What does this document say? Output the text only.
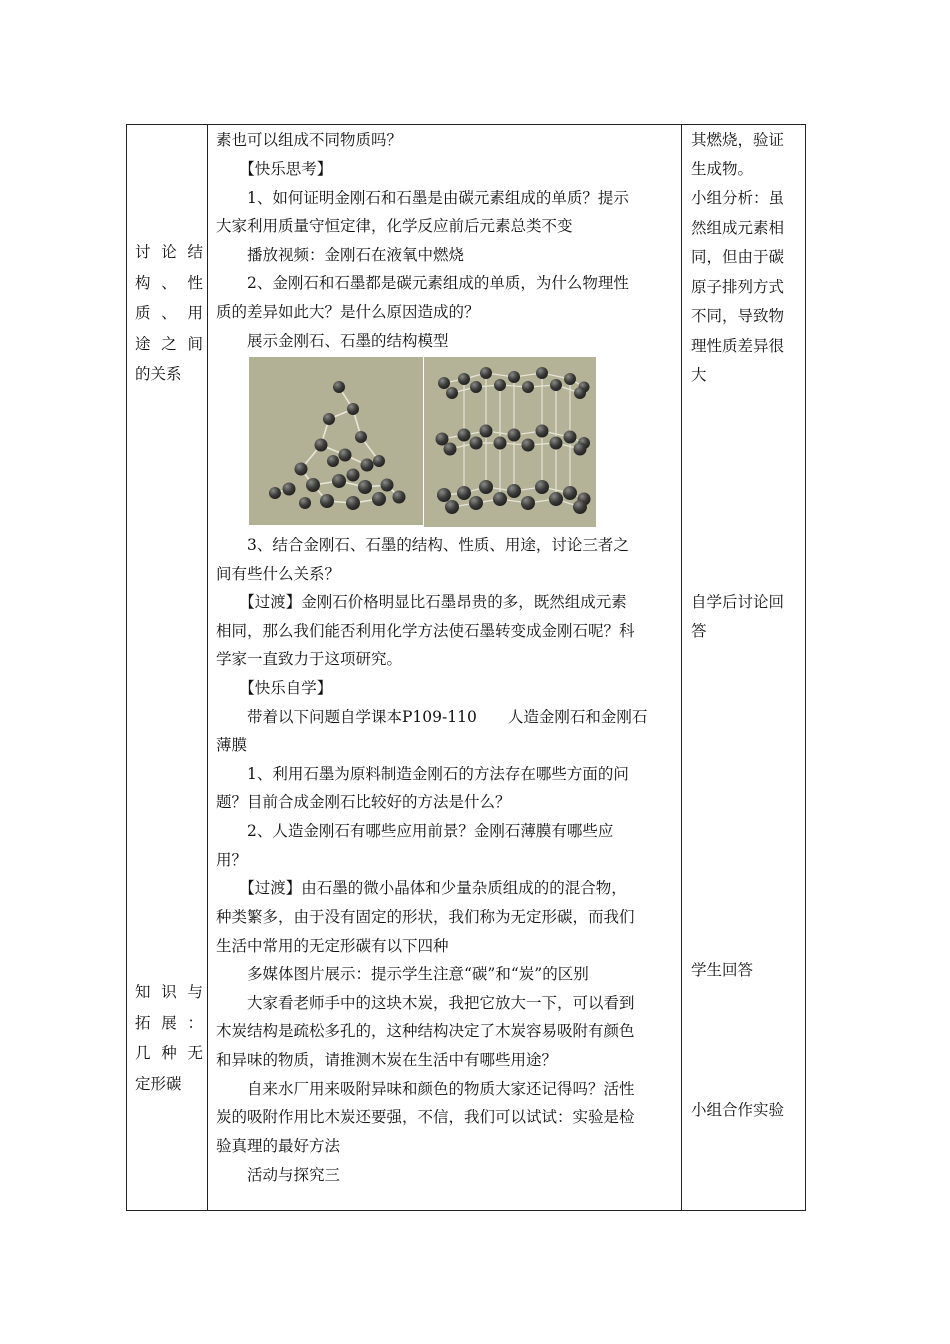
讨论结
构、性
质、用
途之间
的关系
知识与
拓展：
几种无
定形碳
素也可以组成不同物质吗？
　　【快乐思考】
　　1、如何证明金刚石和石墨是由碳元素组成的单质？提示
大家利用质量守恒定律，化学反应前后元素总类不变
　　播放视频：金刚石在液氧中燃烧
　　2、金刚石和石墨都是碳元素组成的单质，为什么物理性
质的差异如此大？是什么原因造成的？
　　展示金刚石、石墨的结构模型
　　3、结合金刚石、石墨的结构、性质、用途，讨论三者之
间有些什么关系？
　　【过渡】金刚石价格明显比石墨昂贵的多，既然组成元素
相同，那么我们能否利用化学方法使石墨转变成金刚石呢？科
学家一直致力于这项研究。
　　【快乐自学】
　　带着以下问题自学课本P109-110　　人造金刚石和金刚石
薄膜
　　1、利用石墨为原料制造金刚石的方法存在哪些方面的问
题？目前合成金刚石比较好的方法是什么？
　　2、人造金刚石有哪些应用前景？金刚石薄膜有哪些应
用？
　　【过渡】由石墨的微小晶体和少量杂质组成的的混合物，
种类繁多，由于没有固定的形状，我们称为无定形碳，而我们
生活中常用的无定形碳有以下四种
　　多媒体图片展示：提示学生注意“碳”和“炭”的区别
　　大家看老师手中的这块木炭，我把它放大一下，可以看到
木炭结构是疏松多孔的，这种结构决定了木炭容易吸附有颜色
和异味的物质，请推测木炭在生活中有哪些用途？
　　自来水厂用来吸附异味和颜色的物质大家还记得吗？活性
炭的吸附作用比木炭还要强，不信，我们可以试试：实验是检
验真理的最好方法
　　活动与探究三
其燃烧，验证
生成物。
小组分析：虽
然组成元素相
同，但由于碳
原子排列方式
不同，导致物
理性质差异很
大
自学后讨论回
答
学生回答
小组合作实验
